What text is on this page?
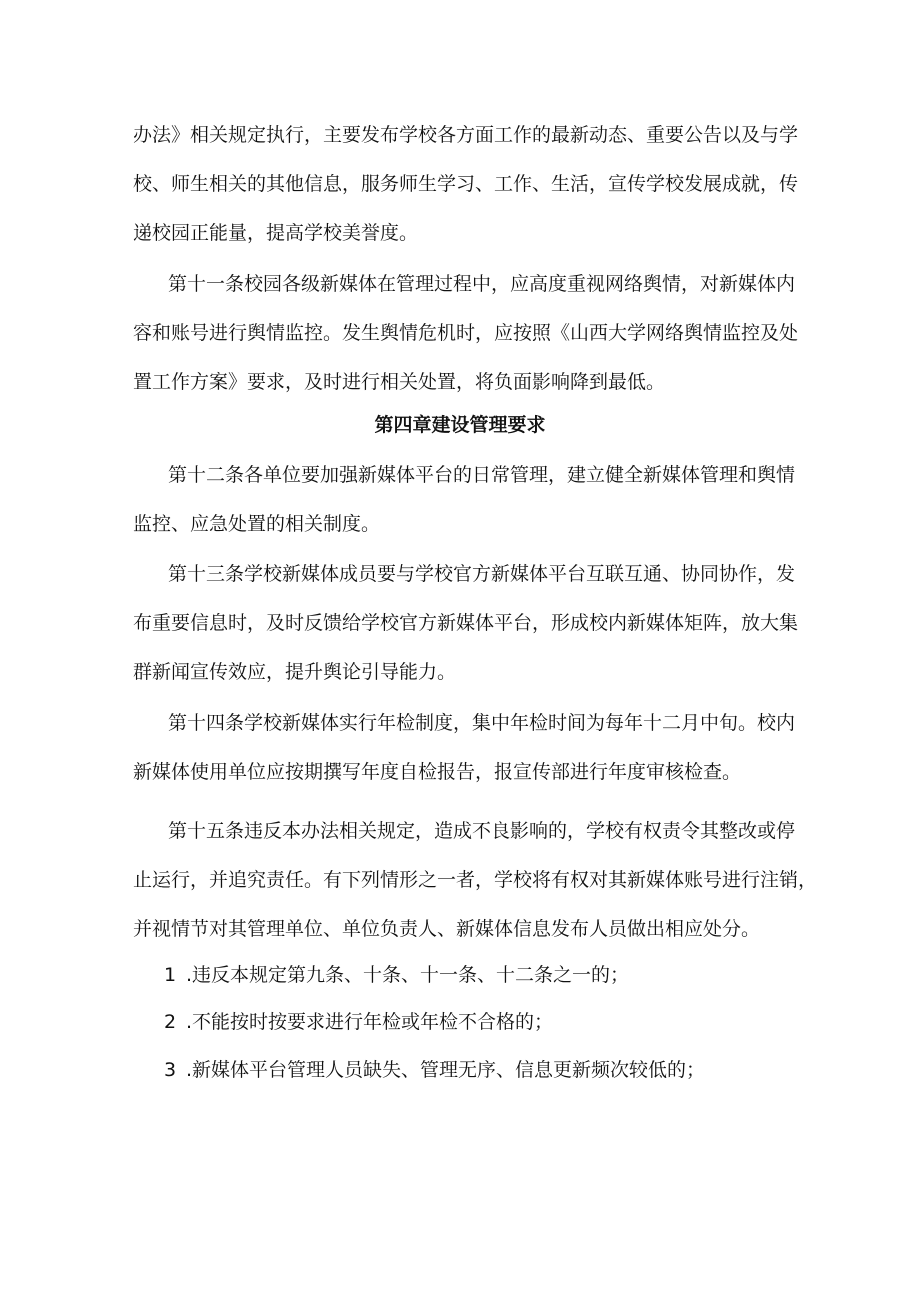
办法》相关规定执行，主要发布学校各方面工作的最新动态、重要公告以及与学
校、师生相关的其他信息，服务师生学习、工作、生活，宣传学校发展成就，传
递校园正能量，提高学校美誉度。
第十一条校园各级新媒体在管理过程中，应高度重视网络舆情，对新媒体内
容和账号进行舆情监控。发生舆情危机时，应按照《山西大学网络舆情监控及处
置工作方案》要求，及时进行相关处置，将负面影响降到最低。
第四章建设管理要求
第十二条各单位要加强新媒体平台的日常管理，建立健全新媒体管理和舆情
监控、应急处置的相关制度。
第十三条学校新媒体成员要与学校官方新媒体平台互联互通、协同协作，发
布重要信息时，及时反馈给学校官方新媒体平台，形成校内新媒体矩阵，放大集
群新闻宣传效应，提升舆论引导能力。
第十四条学校新媒体实行年检制度，集中年检时间为每年十二月中旬。校内
新媒体使用单位应按期撰写年度自检报告，报宣传部进行年度审核检查。
第十五条违反本办法相关规定，造成不良影响的，学校有权责令其整改或停
止运行，并追究责任。有下列情形之一者，学校将有权对其新媒体账号进行注销，
并视情节对其管理单位、单位负责人、新媒体信息发布人员做出相应处分。
1 .违反本规定第九条、十条、十一条、十二条之一的；
2 .不能按时按要求进行年检或年检不合格的；
3 .新媒体平台管理人员缺失、管理无序、信息更新频次较低的；
